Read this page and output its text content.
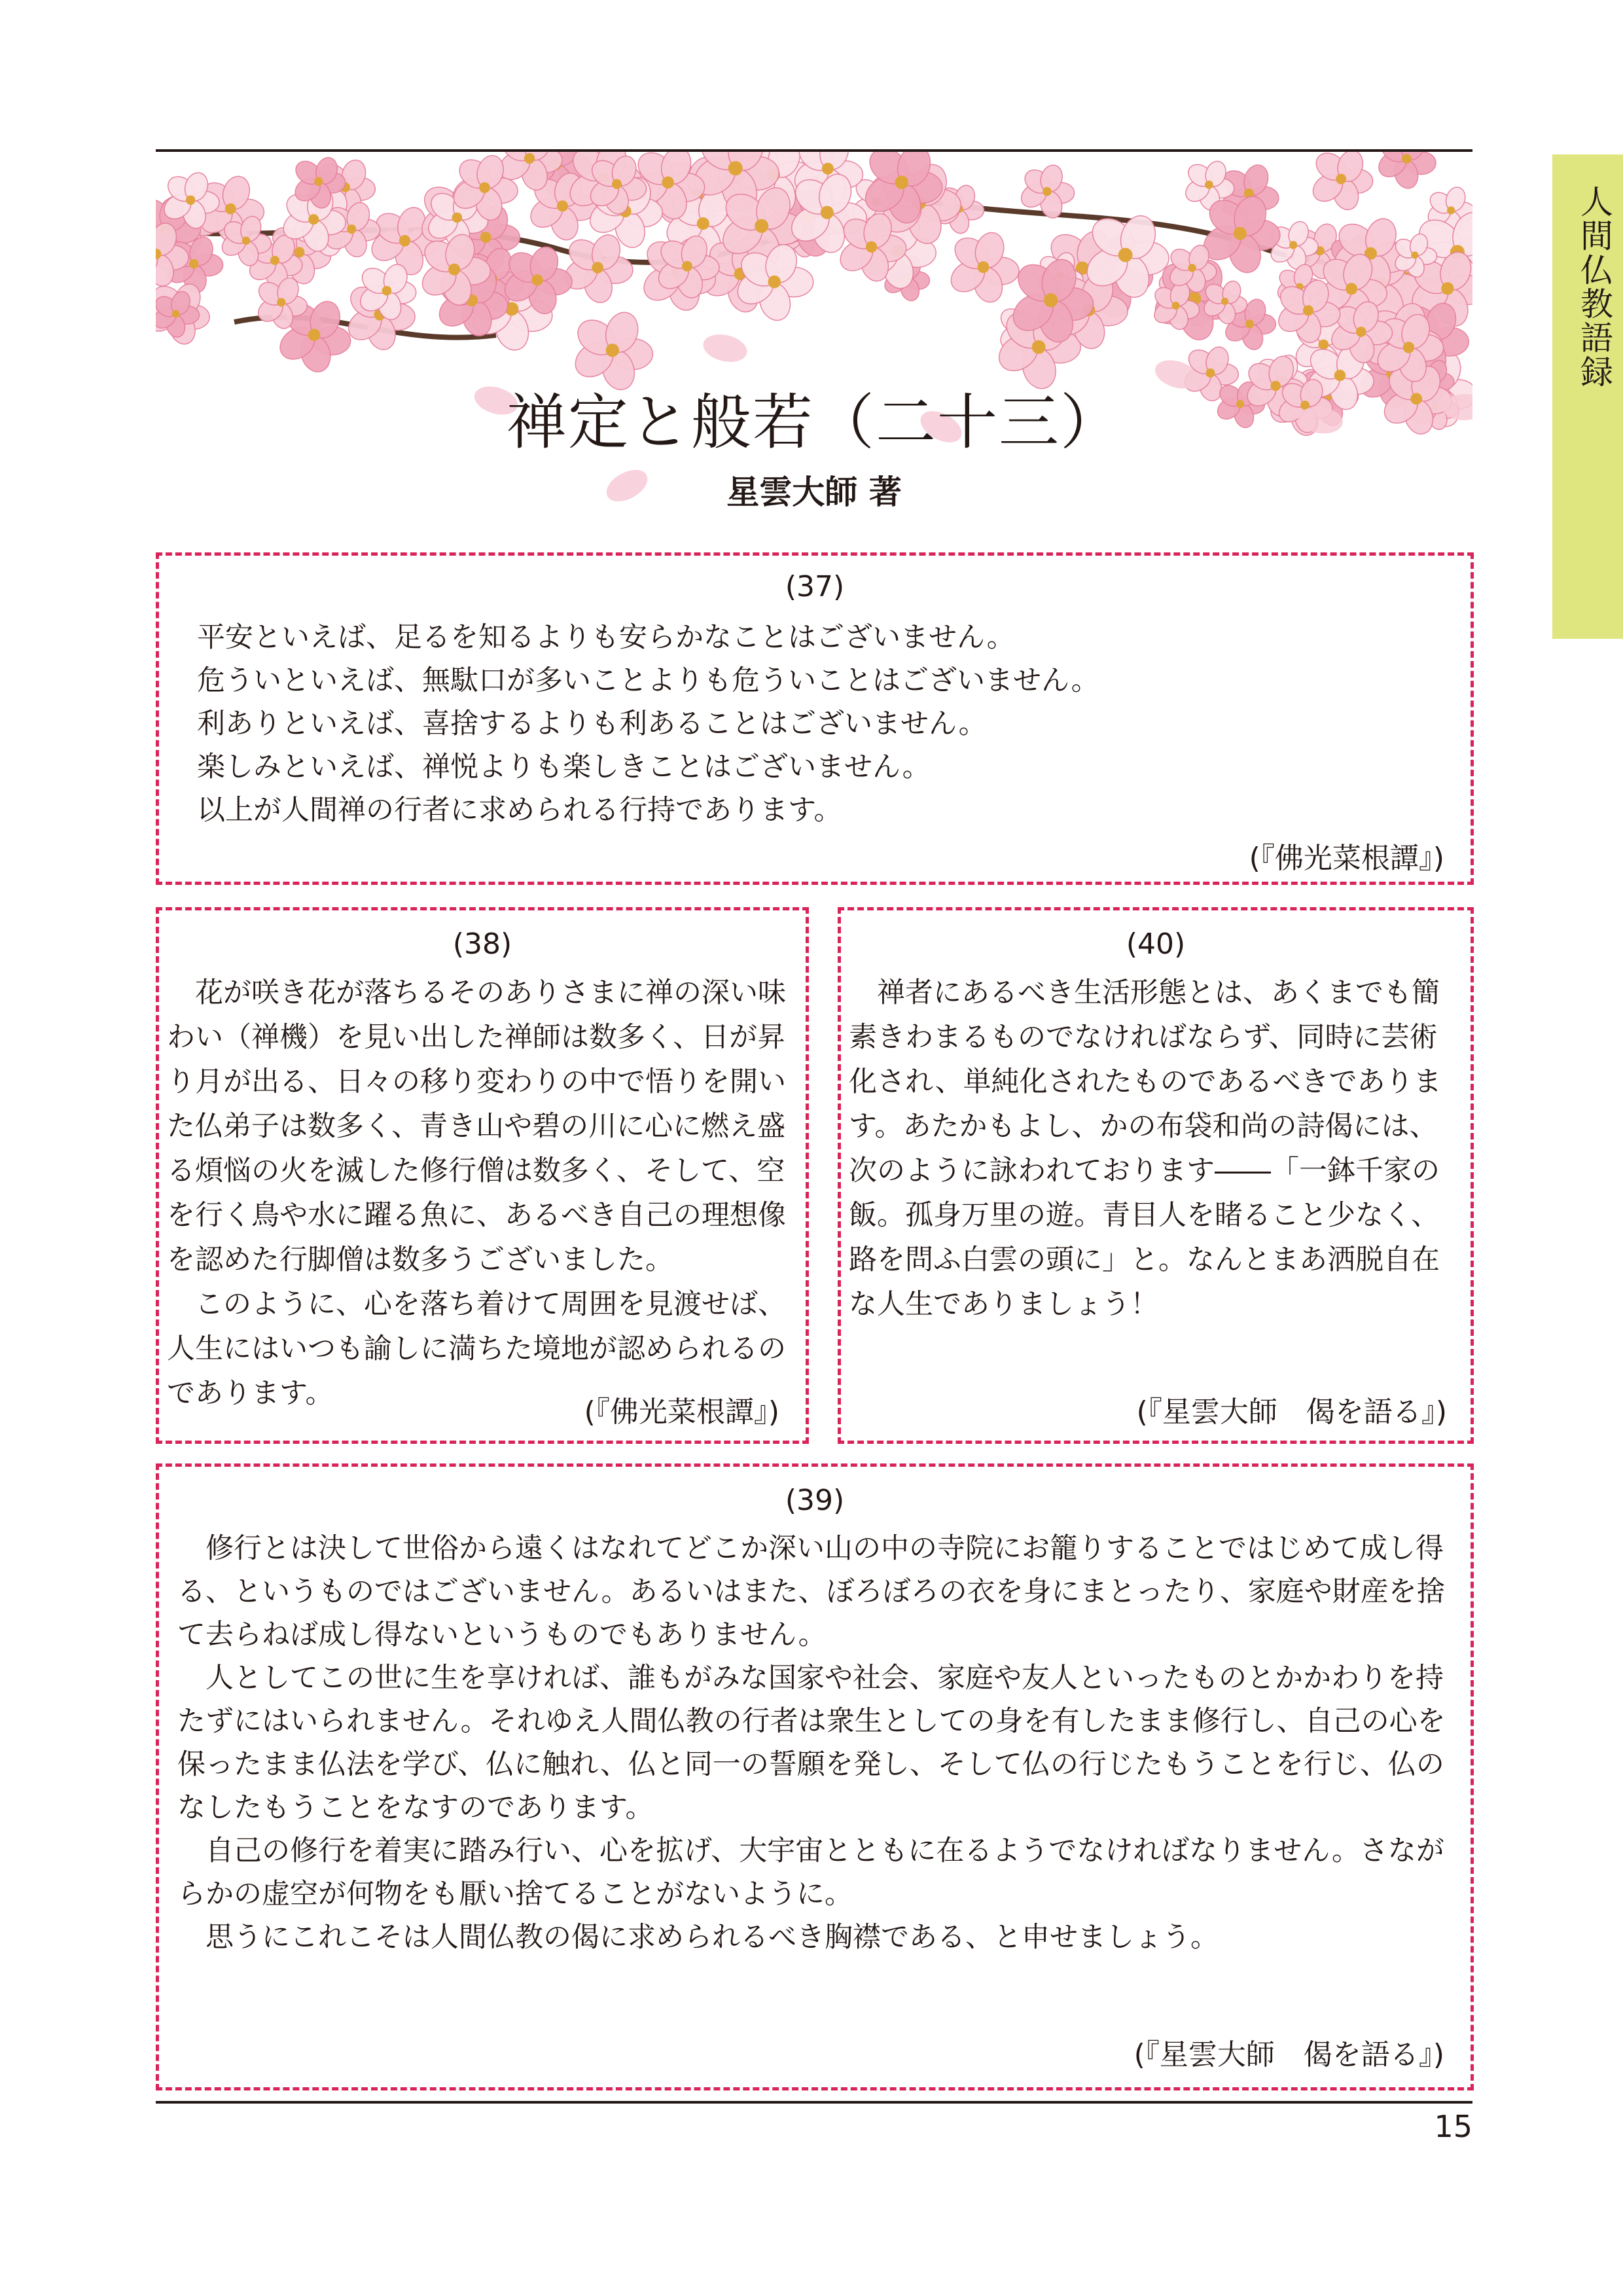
人間仏教語録
禅定と般若（二十三）
星雲大師 著
(37)

平安といえば、足るを知るよりも安らかなことはございません。

危ういといえば、無駄口が多いことよりも危ういことはございません。

利ありといえば、喜捨するよりも利あることはございません。

楽しみといえば、禅悦よりも楽しきことはございません。

以上が人間禅の行者に求められる行持であります。

(『佛光菜根譚』)
(38)

花が咲き花が落ちるそのありさまに禅の深い味わい（禅機）を見い出した禅師は数多く、日が昇り月が出る、日々の移り変わりの中で悟りを開いた仏弟子は数多く、青き山や碧の川に心に燃え盛る煩悩の火を滅した修行僧は数多く、そして、空を行く鳥や水に躍る魚に、あるべき自己の理想像を認めた行脚僧は数多うございました。

このように、心を落ち着けて周囲を見渡せば、人生にはいつも諭しに満ちた境地が認められるのであります。

(『佛光菜根譚』)
(40)

禅者にあるべき生活形態とは、あくまでも簡素きわまるものでなければならず、同時に芸術化され、単純化されたものであるべきであります。あたかもよし、かの布袋和尚の詩偈には、次のように詠われております――「一鉢千家の飯。孤身万里の遊。青目人を睹ること少なく、路を問ふ白雲の頭に」と。なんとまあ洒脱自在な人生でありましょう！

(『星雲大師　偈を語る』)
(39)

修行とは決して世俗から遠くはなれてどこか深い山の中の寺院にお籠りすることではじめて成し得る、というものではございません。あるいはまた、ぼろぼろの衣を身にまとったり、家庭や財産を捨て去らねば成し得ないというものでもありません。

人としてこの世に生を享ければ、誰もがみな国家や社会、家庭や友人といったものとかかわりを持たずにはいられません。それゆえ人間仏教の行者は衆生としての身を有したまま修行し、自己の心を保ったまま仏法を学び、仏に触れ、仏と同一の誓願を発し、そして仏の行じたもうことを行じ、仏のなしたもうことをなすのであります。

自己の修行を着実に踏み行い、心を拡げ、大宇宙とともに在るようでなければなりません。さながらかの虚空が何物をも厭い捨てることがないように。

思うにこれこそは人間仏教の偈に求められるべき胸襟である、と申せましょう。

(『星雲大師　偈を語る』)
15
